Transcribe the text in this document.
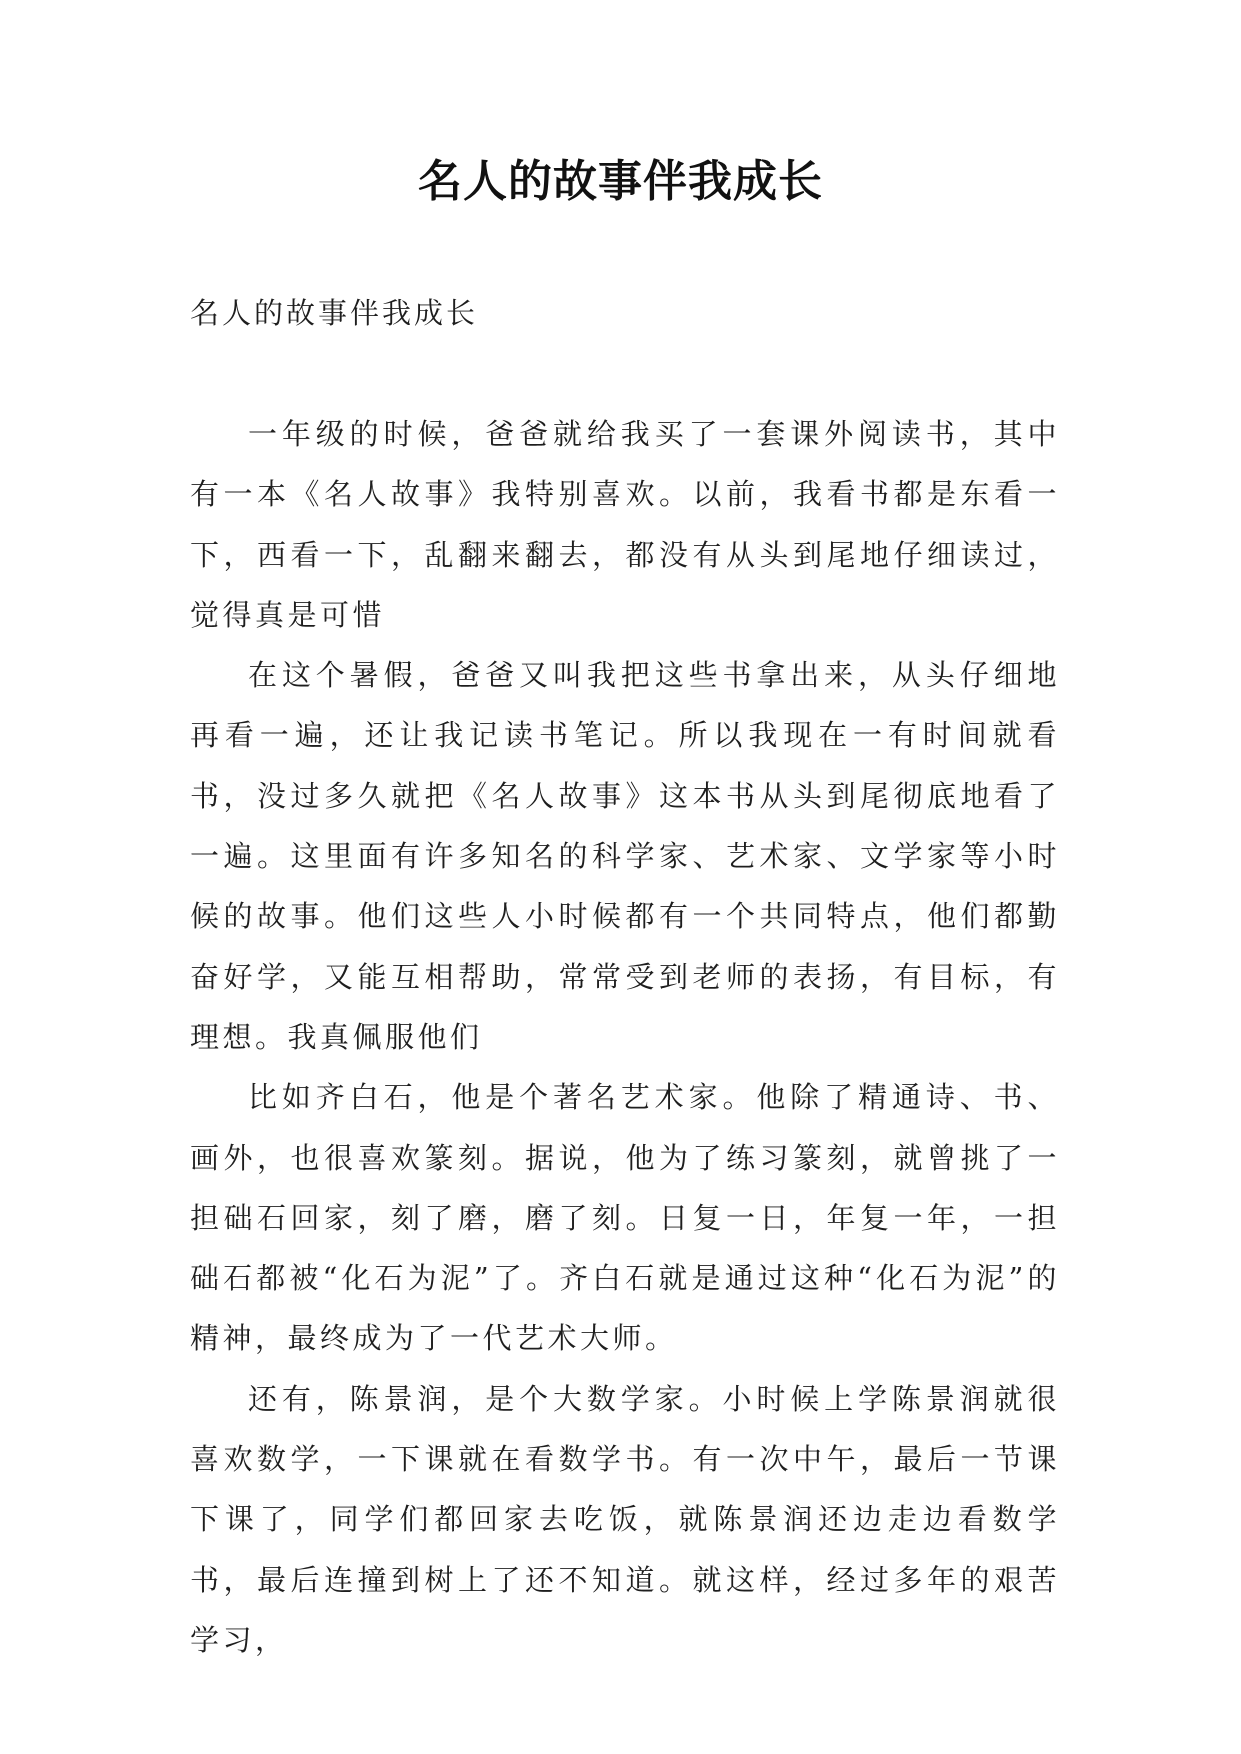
名人的故事伴我成长

名人的故事伴我成长

一年级的时候，爸爸就给我买了一套课外阅读书，其中有一本《名人故事》我特别喜欢。以前，我看书都是东看一下，西看一下，乱翻来翻去，都没有从头到尾地仔细读过，觉得真是可惜

在这个暑假，爸爸又叫我把这些书拿出来，从头仔细地再看一遍，还让我记读书笔记。所以我现在一有时间就看书，没过多久就把《名人故事》这本书从头到尾彻底地看了一遍。这里面有许多知名的科学家、艺术家、文学家等小时候的故事。他们这些人小时候都有一个共同特点，他们都勤奋好学，又能互相帮助，常常受到老师的表扬，有目标，有理想。我真佩服他们

比如齐白石，他是个著名艺术家。他除了精通诗、书、画外，也很喜欢篆刻。据说，他为了练习篆刻，就曾挑了一担础石回家，刻了磨，磨了刻。日复一日，年复一年，一担础石都被“化石为泥”了。齐白石就是通过这种“化石为泥”的精神，最终成为了一代艺术大师。

还有，陈景润，是个大数学家。小时候上学陈景润就很喜欢数学，一下课就在看数学书。有一次中午，最后一节课下课了，同学们都回家去吃饭，就陈景润还边走边看数学书，最后连撞到树上了还不知道。就这样，经过多年的艰苦学习，
